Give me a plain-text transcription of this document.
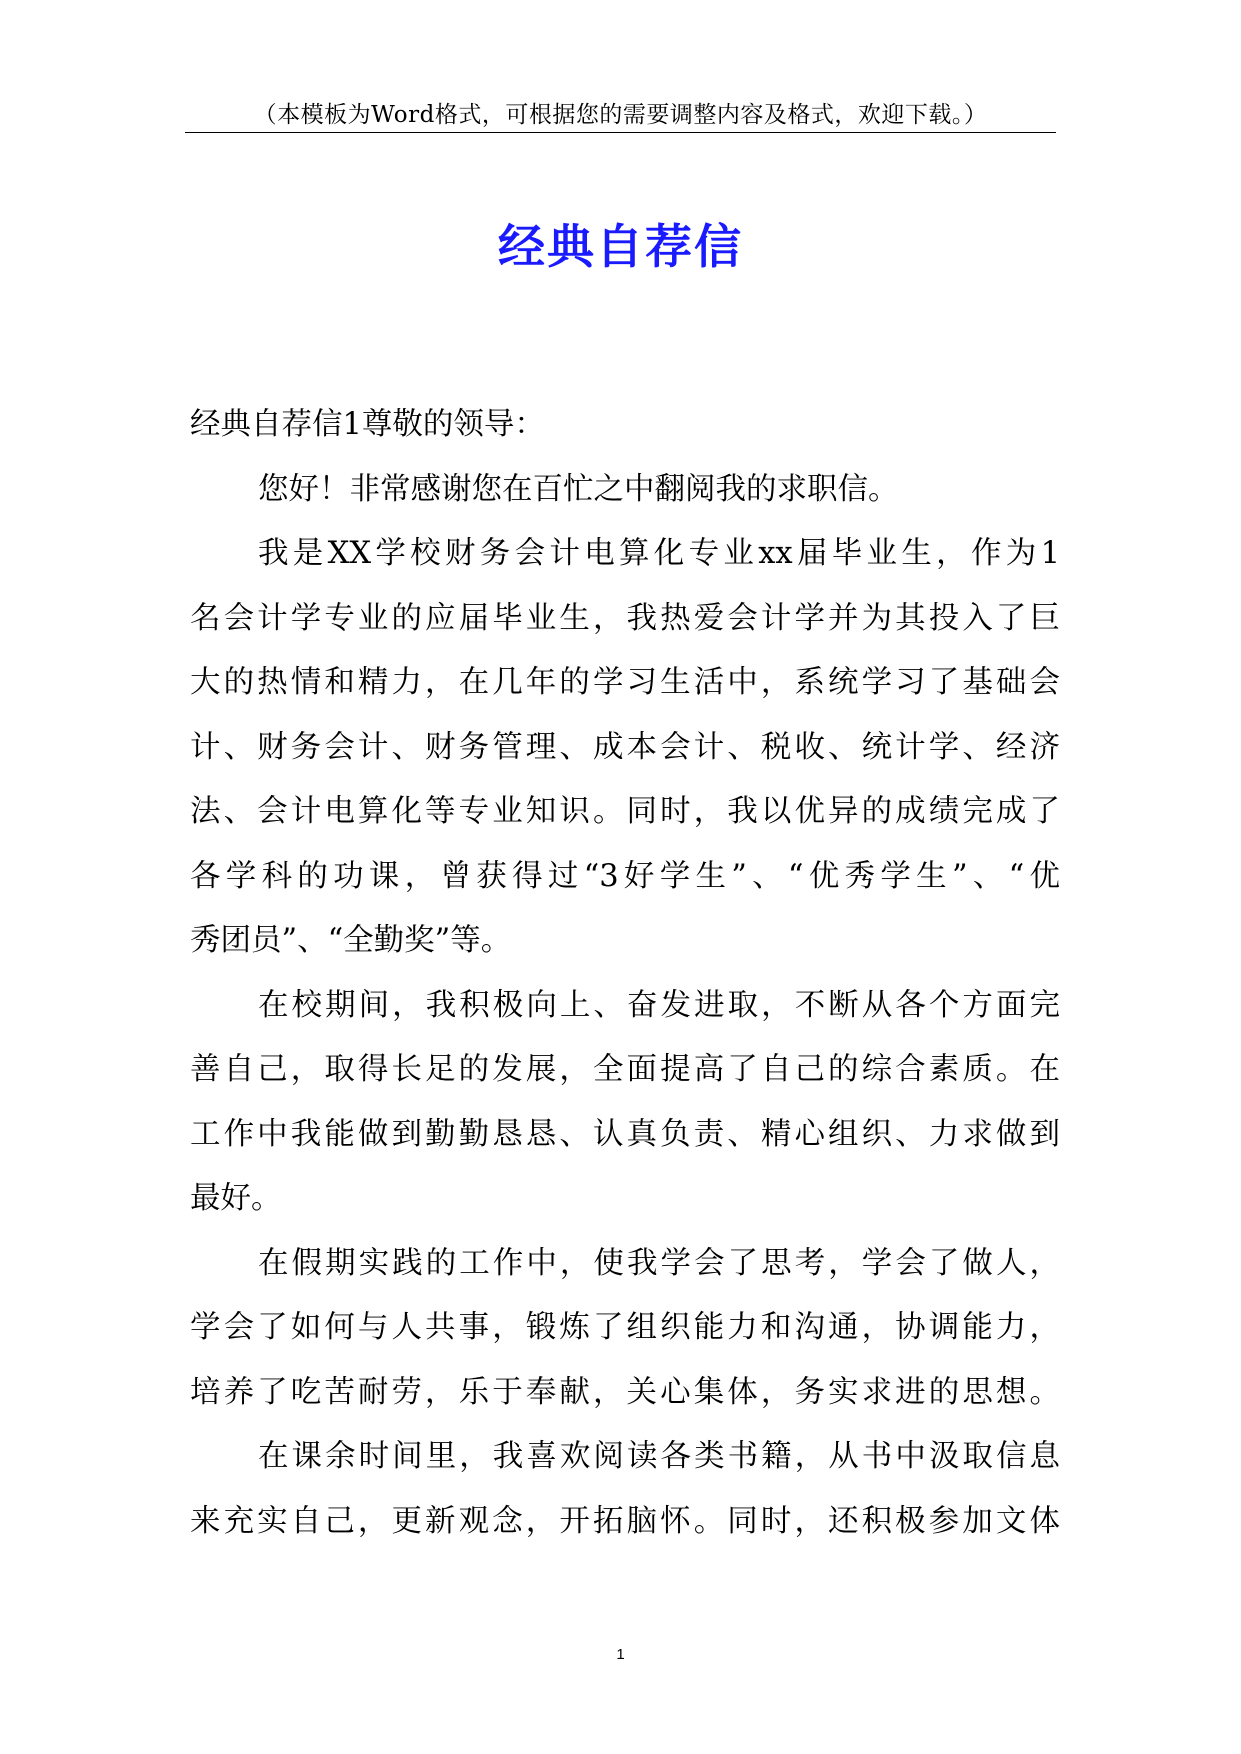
（本模板为Word格式，可根据您的需要调整内容及格式，欢迎下载。）
经典自荐信
经典自荐信1尊敬的领导：
您好！非常感谢您在百忙之中翻阅我的求职信。
我是XX学校财务会计电算化专业xx届毕业生，作为1
名会计学专业的应届毕业生，我热爱会计学并为其投入了巨
大的热情和精力，在几年的学习生活中，系统学习了基础会
计、财务会计、财务管理、成本会计、税收、统计学、经济
法、会计电算化等专业知识。同时，我以优异的成绩完成了
各学科的功课，曾获得过“3好学生”、“优秀学生”、“优
秀团员”、“全勤奖”等。
在校期间，我积极向上、奋发进取，不断从各个方面完
善自己，取得长足的发展，全面提高了自己的综合素质。在
工作中我能做到勤勤恳恳、认真负责、精心组织、力求做到
最好。
在假期实践的工作中，使我学会了思考，学会了做人，
学会了如何与人共事，锻炼了组织能力和沟通，协调能力，
培养了吃苦耐劳，乐于奉献，关心集体，务实求进的思想。
在课余时间里，我喜欢阅读各类书籍，从书中汲取信息
来充实自己，更新观念，开拓脑怀。同时，还积极参加文体
1
